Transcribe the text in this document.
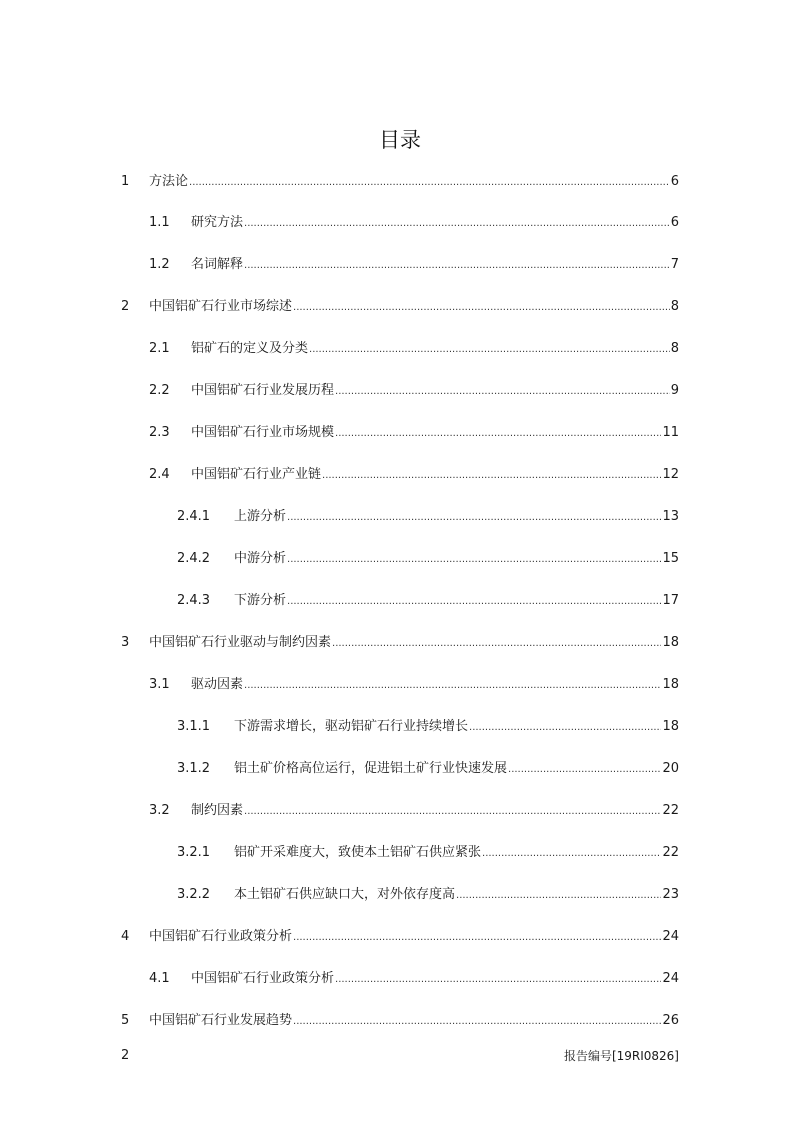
目录
1	方法论 .....	6
1.1	研究方法 .....	6
1.2	名词解释 .....	7
2	中国铝矿石行业市场综述 .....	8
2.1	铝矿石的定义及分类 .....	8
2.2	中国铝矿石行业发展历程 .....	9
2.3	中国铝矿石行业市场规模 .....	11
2.4	中国铝矿石行业产业链 .....	12
2.4.1	上游分析 .....	13
2.4.2	中游分析 .....	15
2.4.3	下游分析 .....	17
3	中国铝矿石行业驱动与制约因素 .....	18
3.1	驱动因素 .....	18
3.1.1	下游需求增长，驱动铝矿石行业持续增长 .....	18
3.1.2	铝土矿价格高位运行，促进铝土矿行业快速发展 .....	20
3.2	制约因素 .....	22
3.2.1	铝矿开采难度大，致使本土铝矿石供应紧张 .....	22
3.2.2	本土铝矿石供应缺口大，对外依存度高 .....	23
4	中国铝矿石行业政策分析 .....	24
4.1	中国铝矿石行业政策分析 .....	24
5	中国铝矿石行业发展趋势 .....	26
2	报告编号[19RI0826]
